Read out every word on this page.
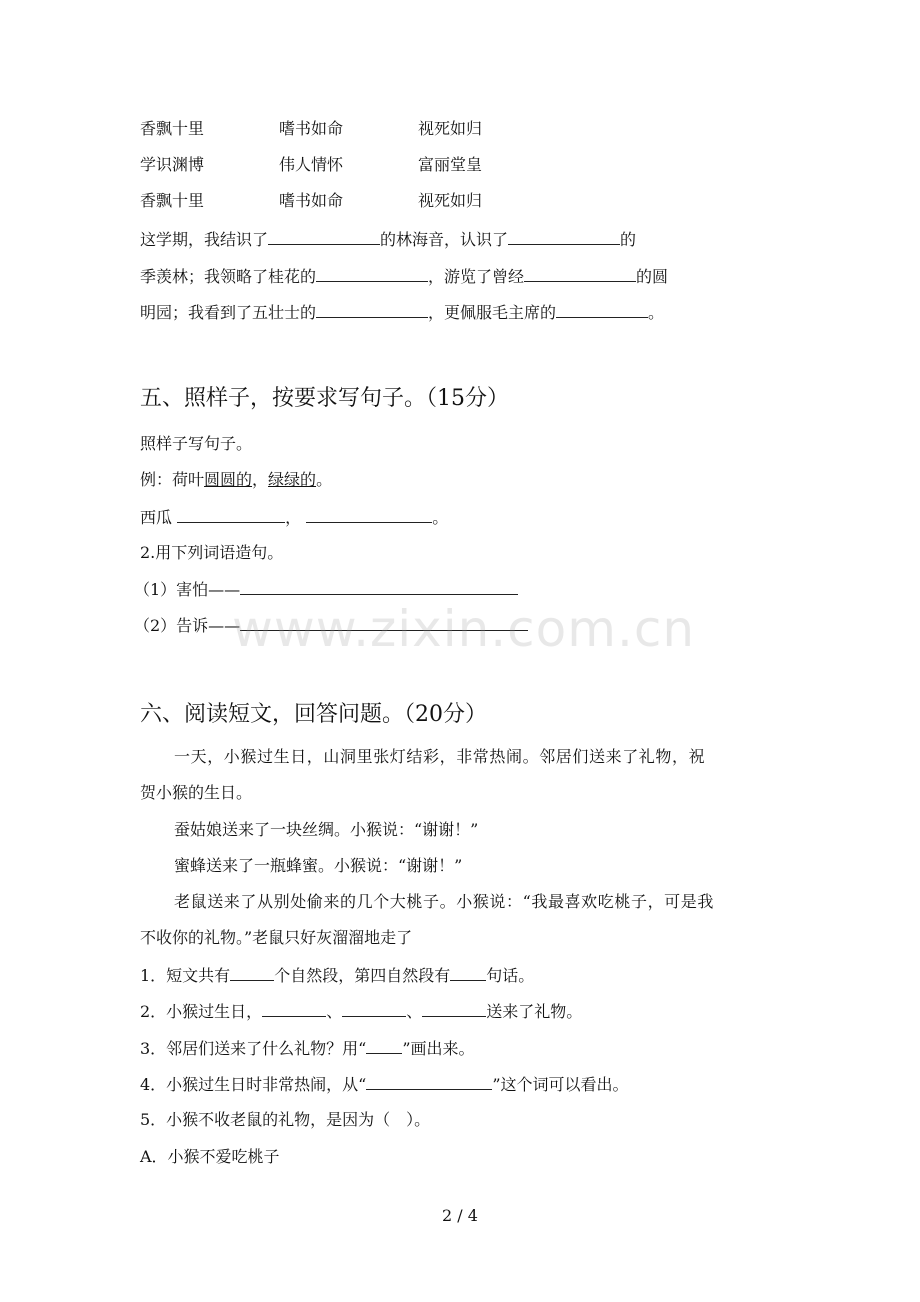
香飘十里	嗜书如命	视死如归
学识渊博	伟人情怀	富丽堂皇
香飘十里	嗜书如命	视死如归
这学期，我结识了	的林海音，认识了	的
季羡林；我领略了桂花的	，游览了曾经	的圆
明园；我看到了五壮士的	，更佩服毛主席的	。
五、照样子，按要求写句子。（15分）
照样子写句子。
例：荷叶圆圆的，绿绿的。
西瓜	，	。
2.用下列词语造句。
（1）害怕——
（2）告诉——
www.zixin.com.cn
六、阅读短文，回答问题。（20分）
一天，小猴过生日，山洞里张灯结彩，非常热闹。邻居们送来了礼物，祝
贺小猴的生日。
蚕姑娘送来了一块丝绸。小猴说：“谢谢！”
蜜蜂送来了一瓶蜂蜜。小猴说：“谢谢！”
老鼠送来了从别处偷来的几个大桃子。小猴说：“我最喜欢吃桃子，可是我
不收你的礼物。”老鼠只好灰溜溜地走了
1．短文共有	个自然段，第四自然段有 句话。
2．小猴过生日，	、	、	送来了礼物。
3．邻居们送来了什么礼物？用“ ”画出来。
4．小猴过生日时非常热闹，从“	”这个词可以看出。
5．小猴不收老鼠的礼物，是因为（　）。
A．小猴不爱吃桃子
2 / 4
